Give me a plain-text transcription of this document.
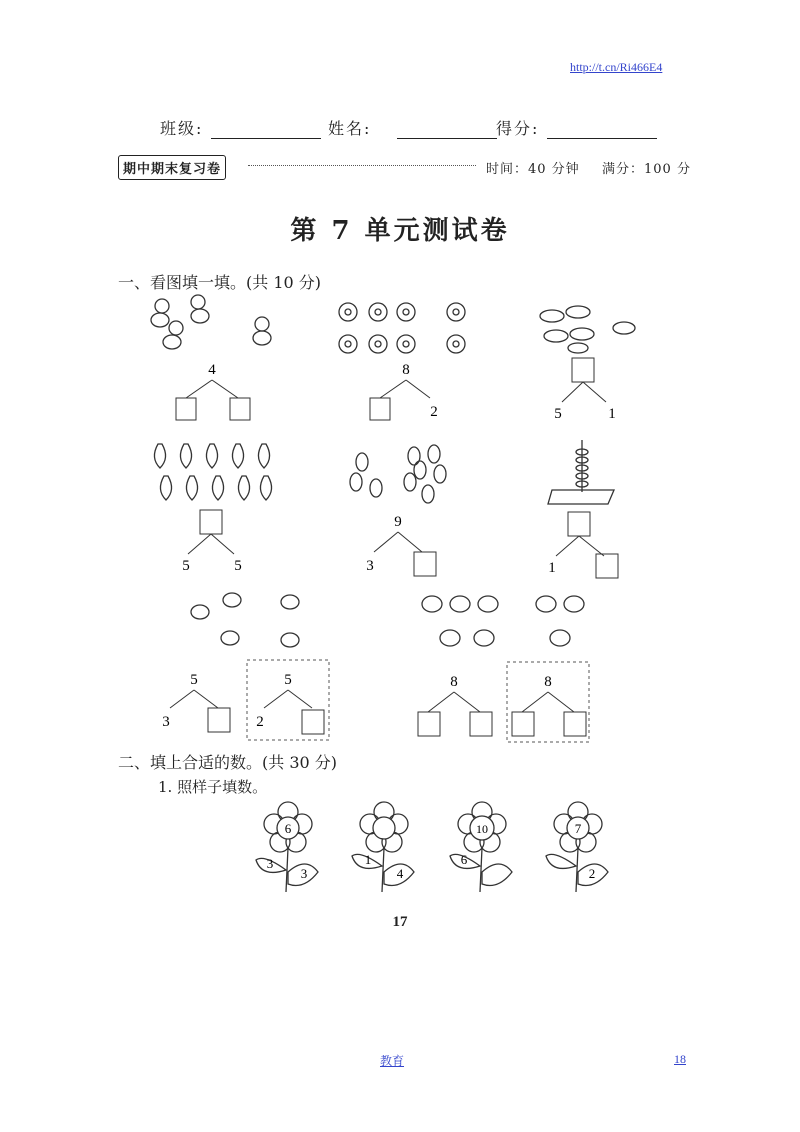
http://t.cn/Ri466E4
班级:	姓名:	得分:
期中期末复习卷	时间：40 分钟 满分：100 分
第 7 单元测试卷
一、看图填一填。(共 10 分)
4	8
2	5	1
5	5
9
3	1
5
3
5
2
8	8
二、填上合适的数。(共 30 分)
1. 照样子填数。
6
3
3
1
4
10
6
7
2
17
教育	18
